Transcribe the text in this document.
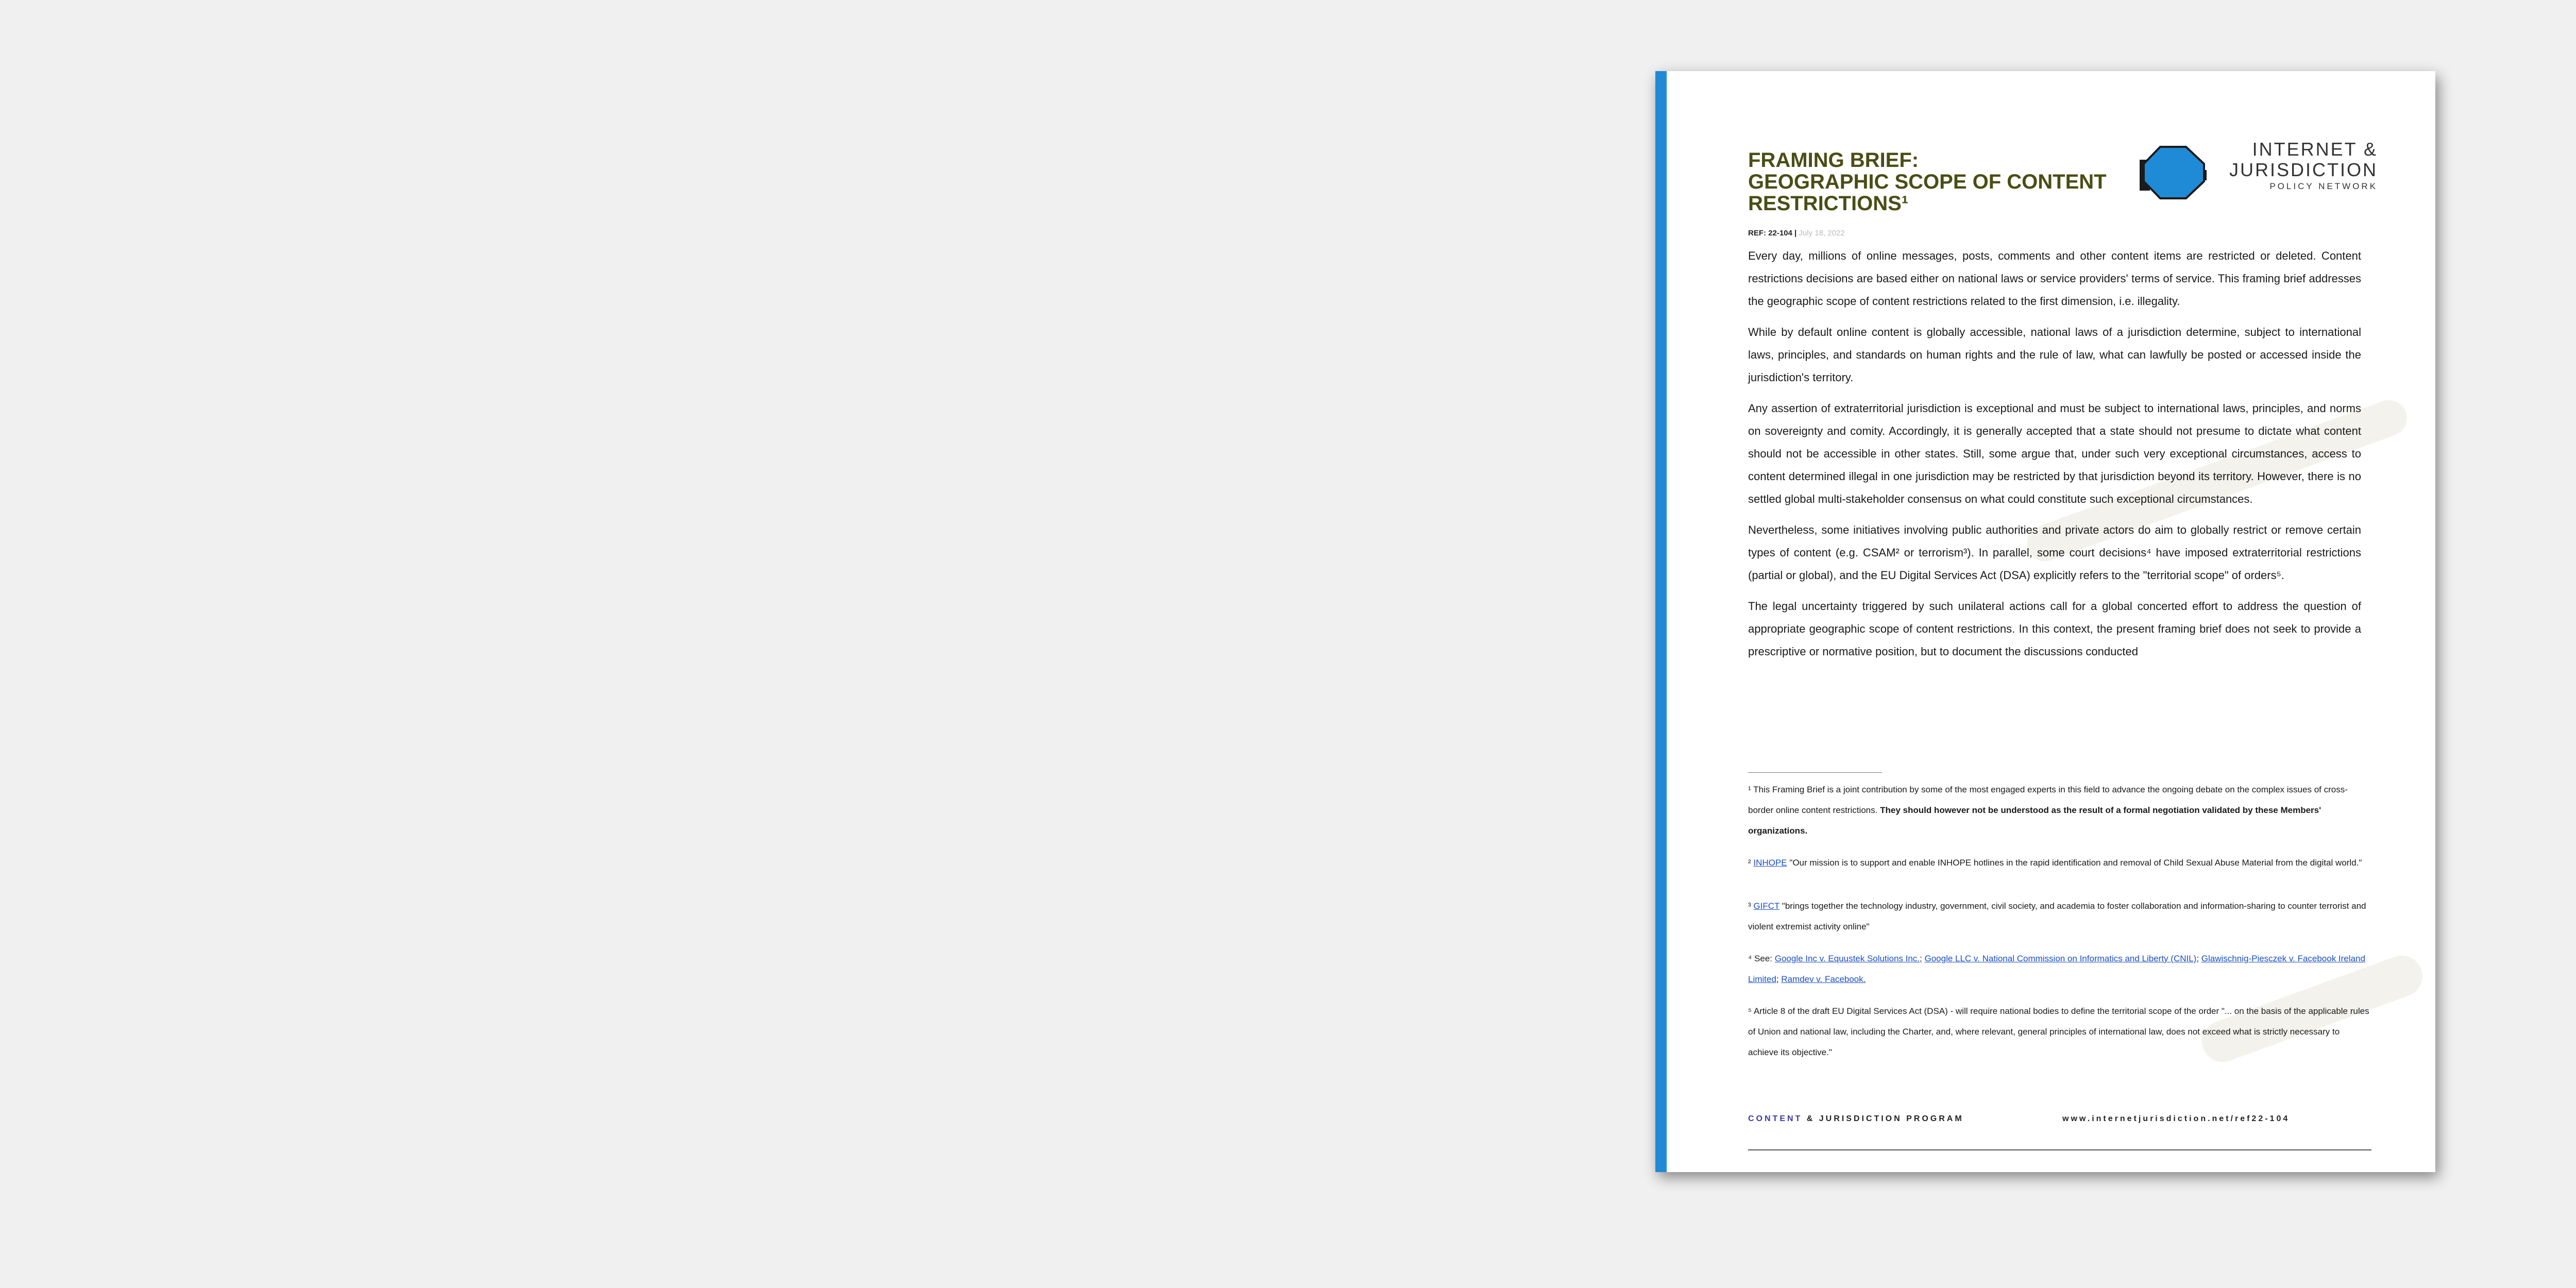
FRAMING BRIEF:
GEOGRAPHIC SCOPE OF CONTENT
RESTRICTIONS¹
REF: 22-104 | July 18, 2022
INTERNET &
JURISDICTION
POLICY NETWORK

Every day, millions of online messages, posts, comments and other content items are restricted or deleted. Content restrictions decisions are based either on national laws or service providers' terms of service. This framing brief addresses the geographic scope of content restrictions related to the first dimension, i.e. illegality.

While by default online content is globally accessible, national laws of a jurisdiction determine, subject to international laws, principles, and standards on human rights and the rule of law, what can lawfully be posted or accessed inside the jurisdiction's territory.

Any assertion of extraterritorial jurisdiction is exceptional and must be subject to international laws, principles, and norms on sovereignty and comity. Accordingly, it is generally accepted that a state should not presume to dictate what content should not be accessible in other states. Still, some argue that, under such very exceptional circumstances, access to content determined illegal in one jurisdiction may be restricted by that jurisdiction beyond its territory. However, there is no settled global multi-stakeholder consensus on what could constitute such exceptional circumstances.

Nevertheless, some initiatives involving public authorities and private actors do aim to globally restrict or remove certain types of content (e.g. CSAM² or terrorism³). In parallel, some court decisions⁴ have imposed extraterritorial restrictions (partial or global), and the EU Digital Services Act (DSA) explicitly refers to the "territorial scope" of orders⁵.

The legal uncertainty triggered by such unilateral actions call for a global concerted effort to address the question of appropriate geographic scope of content restrictions. In this context, the present framing brief does not seek to provide a prescriptive or normative position, but to document the discussions conducted

¹ This Framing Brief is a joint contribution by some of the most engaged experts in this field to advance the ongoing debate on the complex issues of cross-border online content restrictions. They should however not be understood as the result of a formal negotiation validated by these Members' organizations.

² INHOPE "Our mission is to support and enable INHOPE hotlines in the rapid identification and removal of Child Sexual Abuse Material from the digital world."

³ GIFCT "brings together the technology industry, government, civil society, and academia to foster collaboration and information-sharing to counter terrorist and violent extremist activity online"

⁴ See: Google Inc v. Equustek Solutions Inc.; Google LLC v. National Commission on Informatics and Liberty (CNIL); Glawischnig-Piesczek v. Facebook Ireland Limited; Ramdev v. Facebook.

⁵ Article 8 of the draft EU Digital Services Act (DSA) - will require national bodies to define the territorial scope of the order "... on the basis of the applicable rules of Union and national law, including the Charter, and, where relevant, general principles of international law, does not exceed what is strictly necessary to achieve its objective."

CONTENT & JURISDICTION PROGRAM	www.internetjurisdiction.net/ref22-104
